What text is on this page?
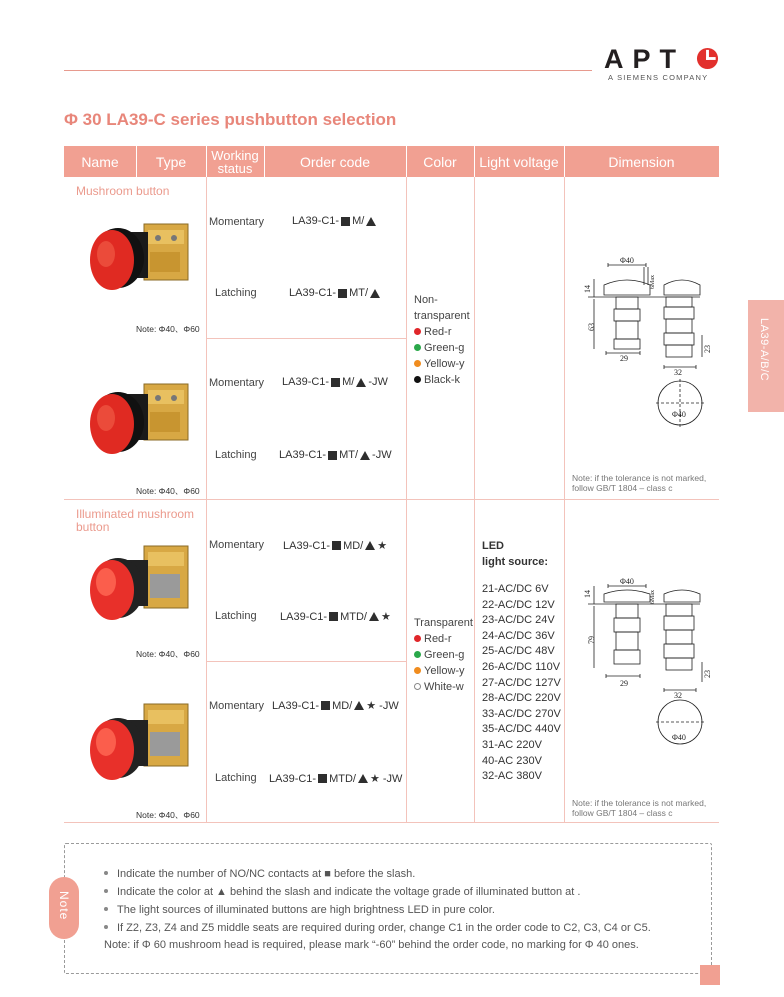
APT
A SIEMENS COMPANY
Φ 30 LA39-C series pushbutton selection
LA39-A/B/C
Name	Type	Working status	Order code	Color	Light voltage	Dimension
Mushroom button
Illuminated mushroom button
Note: Φ40、Φ60
Note: Φ40、Φ60
Note: Φ40、Φ60
Note: Φ40、Φ60
Momentary	LA39-C1- M/
Latching	LA39-C1- MT/
Momentary LA39-C1- M/ -JW
Latching LA39-C1- MT/ -JW
Momentary LA39-C1- MD/ ★
Latching LA39-C1- MTD/ ★
Momentary LA39-C1- MD/ ★ -JW
Latching LA39-C1- MTD/ ★ -JW
Non-
transparent
Red-r
Green-g
Yellow-y
Black-k
Transparent
Red-r
Green-g
Yellow-y
White-w
LED
light source:
21-AC/DC 6V
22-AC/DC 12V
23-AC/DC 24V
24-AC/DC 36V
25-AC/DC 48V
26-AC/DC 110V
27-AC/DC 127V
28-AC/DC 220V
33-AC/DC 270V
35-AC/DC 440V
31-AC 220V
40-AC 230V
32-AC 380V
Φ40
14	6Max
63
29
32
23
Φ40
Note: if the tolerance is not marked,
follow GB/T 1804 – class c
Φ40
14	6Max
79
29
32
23
Φ40
Note: if the tolerance is not marked,
follow GB/T 1804 – class c
Note
Indicate the number of NO/NC contacts at ■ before the slash.
Indicate the color at ▲ behind the slash and indicate the voltage grade of illuminated button at .
The light sources of illuminated buttons are high brightness LED in pure color.
If Z2, Z3, Z4 and Z5 middle seats are required during order, change C1 in the order code to C2, C3, C4 or C5.
Note: if Φ 60 mushroom head is required, please mark “-60” behind the order code, no marking for Φ 40 ones.
